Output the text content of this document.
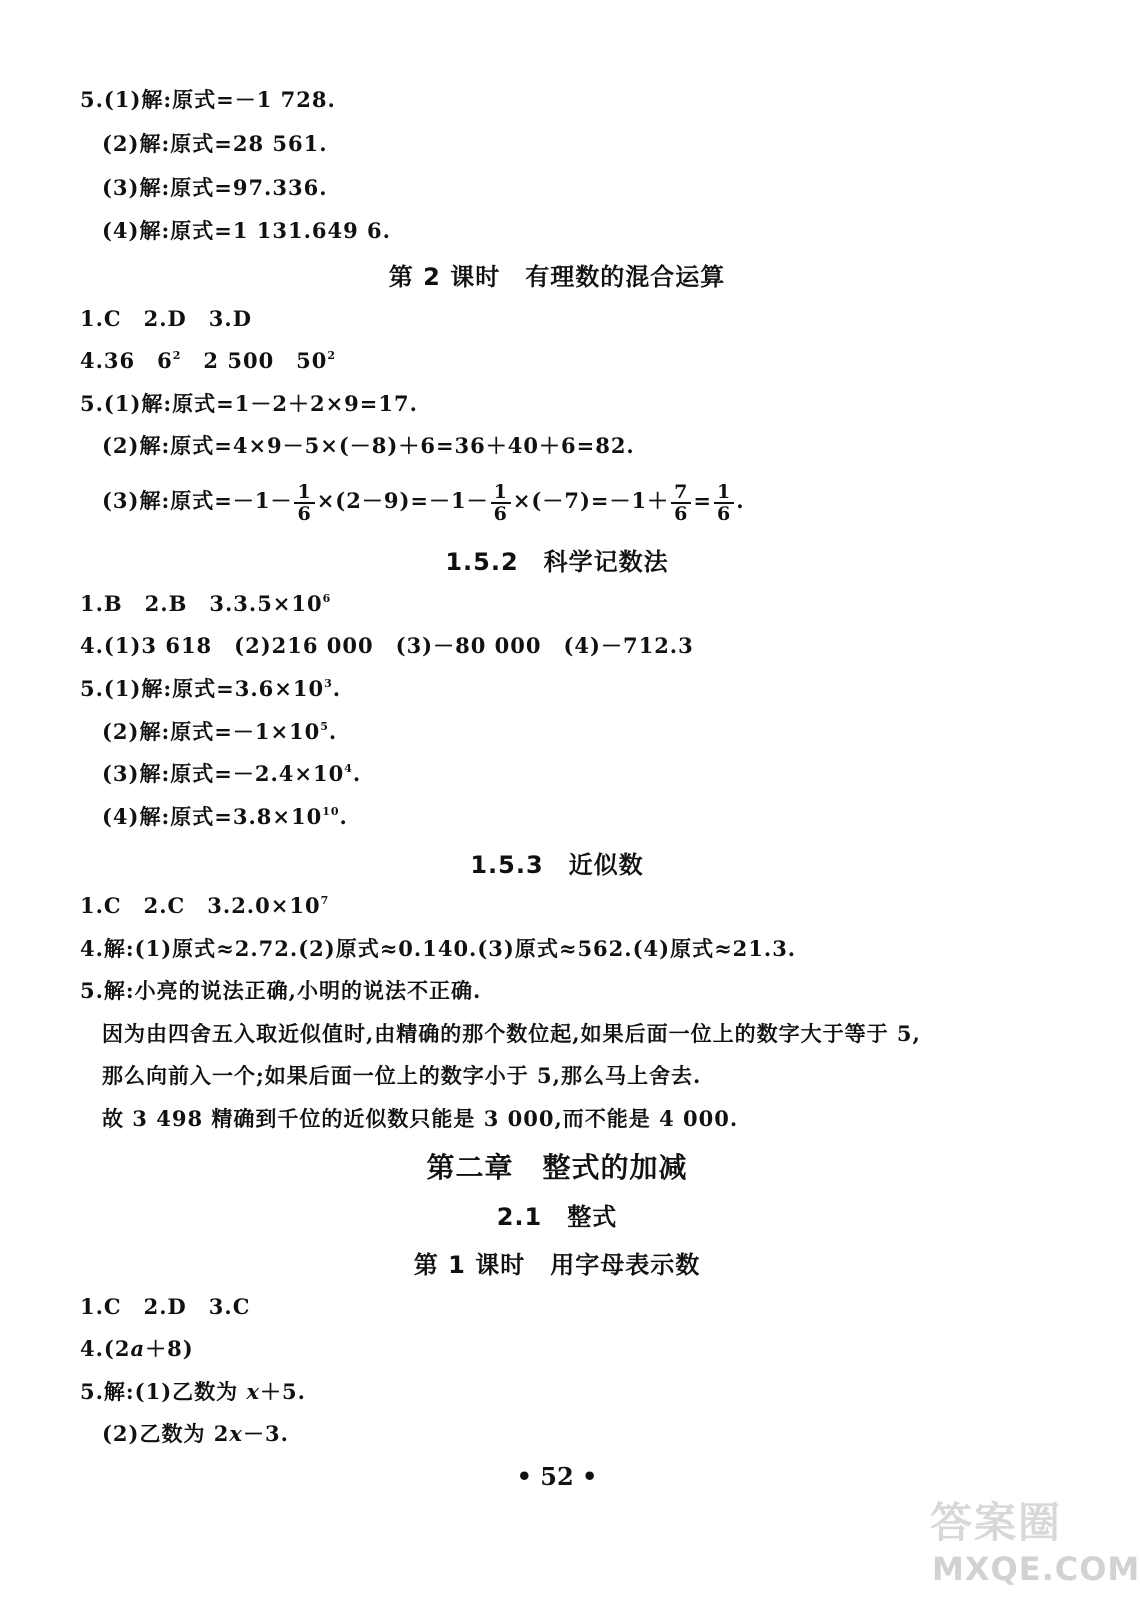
5.(1)解:原式=－1 728.
(2)解:原式=28 561.
(3)解:原式=97.336.
(4)解:原式=1 131.649 6.
第 2 课时　有理数的混合运算
1.C　2.D　3.D
4.36　$6^2$　2 500　$50^2$
5.(1)解:原式=1－2＋2×9=17.
(2)解:原式=4×9－5×(－8)＋6=36＋40＋6=82.
(3)解:原式$=-1- \frac{1}{6} \times(2-9)=-1- \frac{1}{6} \times(-7)=-1+ \frac{7}{6} = \frac{1}{6}$ .
1.5.2　科学记数法
1.B　2.B　$3.3.5\times 10^6$
4.(1)3 618　(2)216 000　(3)－80 000　(4)－712.3
5.(1)解:原式$=3.6\times 10^3$.
(2)解:原式$=-1\times 10^5$.
(3)解:原式$=-2.4\times 10^4$.
(4)解:原式$=3.8\times 10^{10}$.
1.5.3　近似数
1.C　2.C　$3.2.0\times 10^7$
4.解:(1)原式≈2.72.(2)原式≈0.140.(3)原式≈562.(4)原式≈21.3.
5.解:小亮的说法正确,小明的说法不正确.
因为由四舍五入取近似值时,由精确的那个数位起,如果后面一位上的数字大于等于 5,
那么向前入一个;如果后面一位上的数字小于 5,那么马上舍去.
故 3 498 精确到千位的近似数只能是 3 000,而不能是 4 000.
第二章　整式的加减
2.1　整式
第 1 课时　用字母表示数
1.C　2.D　3.C
4.(2a＋8)
5.解:(1)乙数为 x＋5.
(2)乙数为 2x－3.
• 52 •
答案圈
MXQE.COM
